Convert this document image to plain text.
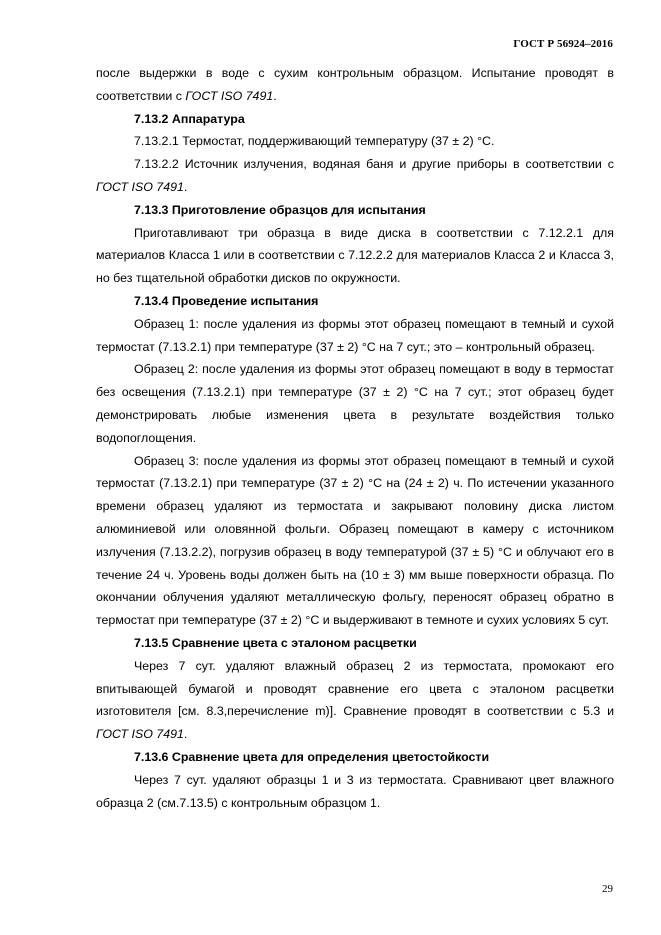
ГОСТ Р 56924–2016

после выдержки в воде с сухим контрольным образцом. Испытание проводят в соответствии с ГОСТ ISO 7491.

7.13.2 Аппаратура

7.13.2.1 Термостат, поддерживающий температуру (37 ± 2) °С.

7.13.2.2 Источник излучения, водяная баня и другие приборы в соответствии с ГОСТ ISO 7491.

7.13.3 Приготовление образцов для испытания

Приготавливают три образца в виде диска в соответствии с 7.12.2.1 для материалов Класса 1 или в соответствии с 7.12.2.2 для материалов Класса 2 и Класса 3, но без тщательной обработки дисков по окружности.

7.13.4 Проведение испытания

Образец 1: после удаления из формы этот образец помещают в темный и сухой термостат (7.13.2.1) при температуре (37 ± 2) °С на 7 сут.; это – контрольный образец.

Образец 2: после удаления из формы этот образец помещают в воду в термостат без освещения (7.13.2.1) при температуре (37 ± 2) °С на 7 сут.; этот образец будет демонстрировать любые изменения цвета в результате воздействия только водопоглощения.

Образец 3: после удаления из формы этот образец помещают в темный и сухой термостат (7.13.2.1) при температуре (37 ± 2) °С на (24 ± 2) ч. По истечении указанного времени образец удаляют из термостата и закрывают половину диска листом алюминиевой или оловянной фольги. Образец помещают в камеру с источником излучения (7.13.2.2), погрузив образец в воду температурой (37 ± 5) °С и облучают его в течение 24 ч. Уровень воды должен быть на (10 ± 3) мм выше поверхности образца. По окончании облучения удаляют металлическую фольгу, переносят образец обратно в термостат при температуре (37 ± 2) °С и выдерживают в темноте и сухих условиях 5 сут.

7.13.5 Сравнение цвета с эталоном расцветки

Через 7 сут. удаляют влажный образец 2 из термостата, промокают его впитывающей бумагой и проводят сравнение его цвета с эталоном расцветки изготовителя [см. 8.3,перечисление m)]. Сравнение проводят в соответствии с 5.3 и ГОСТ ISO 7491.

7.13.6 Сравнение цвета для определения цветостойкости

Через 7 сут. удаляют образцы 1 и 3 из термостата. Сравнивают цвет влажного образца 2 (см.7.13.5) с контрольным образцом 1.

29
